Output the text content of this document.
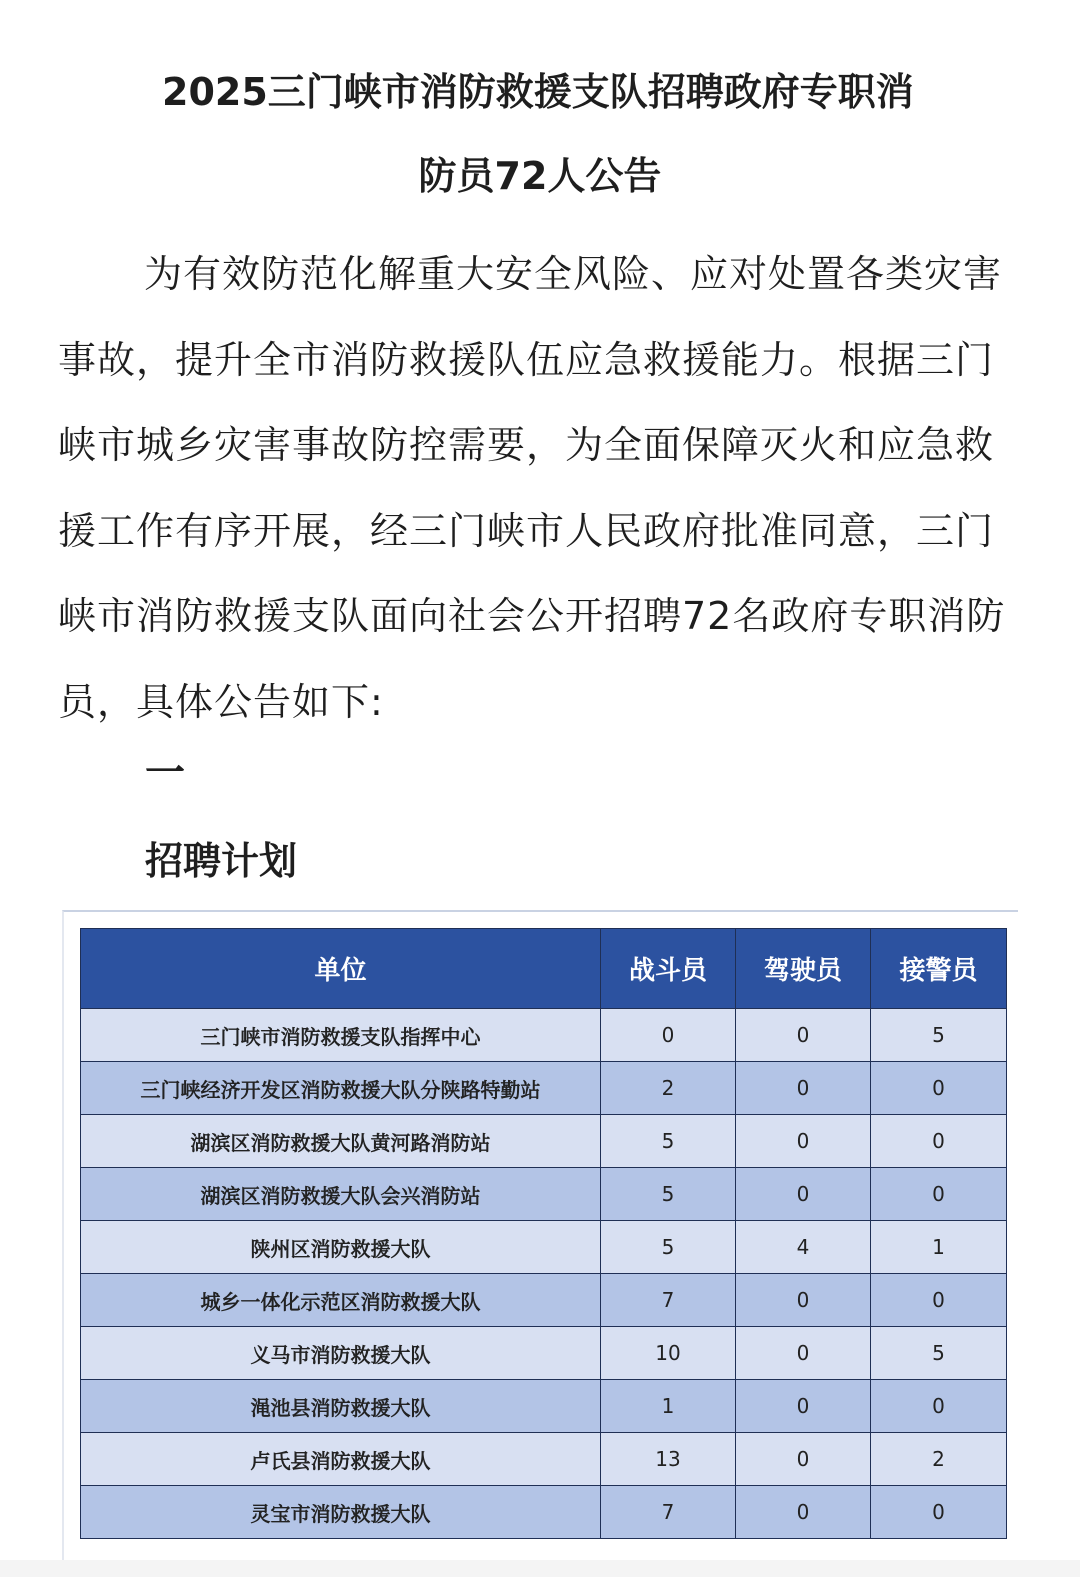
2025三门峡市消防救援支队招聘政府专职消
防员72人公告

为有效防范化解重大安全风险、应对处置各类灾害事故，提升全市消防救援队伍应急救援能力。根据三门峡市城乡灾害事故防控需要，为全面保障灭火和应急救援工作有序开展，经三门峡市人民政府批准同意，三门峡市消防救援支队面向社会公开招聘72名政府专职消防员，具体公告如下:

一
招聘计划
单位	战斗员	驾驶员	接警员
三门峡市消防救援支队指挥中心	0	0	5
三门峡经济开发区消防救援大队分陕路特勤站	2	0	0
湖滨区消防救援大队黄河路消防站	5	0	0
湖滨区消防救援大队会兴消防站	5	0	0
陕州区消防救援大队	5	4	1
城乡一体化示范区消防救援大队	7	0	0
义马市消防救援大队	10	0	5
渑池县消防救援大队	1	0	0
卢氏县消防救援大队	13	0	2
灵宝市消防救援大队	7	0	0
